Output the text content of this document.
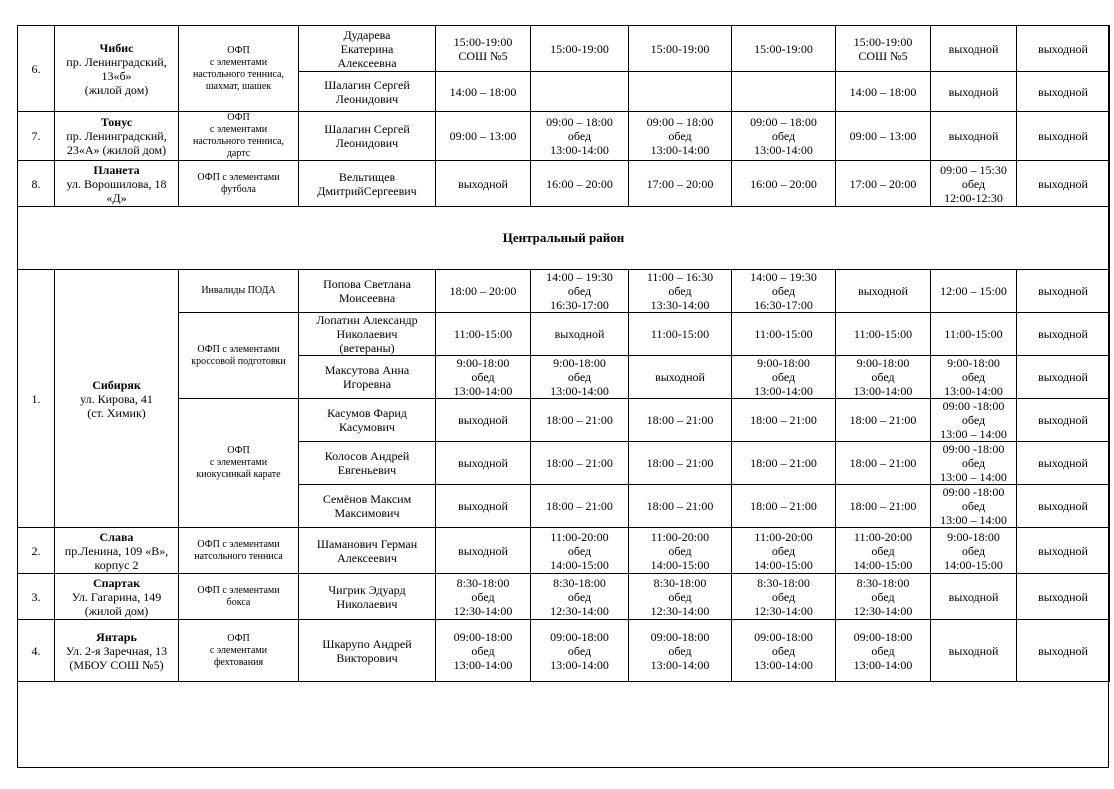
6.	Чибис
пр. Ленинградский,
13«б»
(жилой дом)	ОФП
с элементами
настольного тенниса,
шахмат, шашек	Дударева
Екатерина
Алексеевна	15:00-19:00
СОШ №5	15:00-19:00	15:00-19:00	15:00-19:00	15:00-19:00
СОШ №5	выходной	выходной

			Шалагин Сергей
Леонидович	14:00 – 18:00				14:00 – 18:00	выходной	выходной
7.	Тонус
пр. Ленинградский,
23«А» (жилой дом)	ОФП
с элементами
настольного тенниса,
дартс	Шалагин Сергей
Леонидович	09:00 – 13:00	09:00 – 18:00
обед
13:00-14:00	09:00 – 18:00
обед
13:00-14:00	09:00 – 18:00
обед
13:00-14:00	09:00 – 13:00	выходной	выходной
8.	Планета
ул. Ворошилова, 18
«Д»	ОФП с элементами
футбола	Вельтищев
ДмитрийСергеевич	выходной	16:00 – 20:00	17:00 – 20:00	16:00 – 20:00	17:00 – 20:00	09:00 – 15:30
обед
12:00-12:30	выходной
Центральный район										
1.	Сибиряк
ул. Кирова, 41
(ст. Химик)	Инвалиды ПОДА	Попова Светлана
Моисеевна	18:00 – 20:00	14:00 – 19:30
обед
16:30-17:00	11:00 – 16:30
обед
13:30-14:00	14:00 – 19:30
обед
16:30-17:00	выходной	12:00 – 15:00	выходной

		ОФП с элементами
кроссовой подготовки	Лопатин Александр
Николаевич
(ветераны)	11:00-15:00	выходной	11:00-15:00	11:00-15:00	11:00-15:00	11:00-15:00	выходной

			Максутова Анна
Игоревна	9:00-18:00
обед
13:00-14:00	9:00-18:00
обед
13:00-14:00	выходной	9:00-18:00
обед
13:00-14:00	9:00-18:00
обед
13:00-14:00	9:00-18:00
обед
13:00-14:00	выходной

		ОФП
с элементами
киокусинкай карате	Касумов Фарид
Касумович	выходной	18:00 – 21:00	18:00 – 21:00	18:00 – 21:00	18:00 – 21:00	09:00 -18:00
обед
13:00 – 14:00	выходной

			Колосов Андрей
Евгеньевич	выходной	18:00 – 21:00	18:00 – 21:00	18:00 – 21:00	18:00 – 21:00	09:00 -18:00
обед
13:00 – 14:00	выходной

			Семёнов Максим
Максимович	выходной	18:00 – 21:00	18:00 – 21:00	18:00 – 21:00	18:00 – 21:00	09:00 -18:00
обед
13:00 – 14:00	выходной
2.	Слава
пр.Ленина, 109 «В»,
корпус 2	ОФП с элементами
натсольного тенниса	Шаманович Герман
Алексеевич	выходной	11:00-20:00
обед
14:00-15:00	11:00-20:00
обед
14:00-15:00	11:00-20:00
обед
14:00-15:00	11:00-20:00
обед
14:00-15:00	9:00-18:00
обед
14:00-15:00	выходной
3.	Спартак
Ул. Гагарина, 149
(жилой дом)	ОФП с элементами
бокса	Чигрик Эдуард
Николаевич	8:30-18:00
обед
12:30-14:00	8:30-18:00
обед
12:30-14:00	8:30-18:00
обед
12:30-14:00	8:30-18:00
обед
12:30-14:00	8:30-18:00
обед
12:30-14:00	выходной	выходной
4.	Янтарь
Ул. 2-я Заречная, 13
(МБОУ СОШ №5)	ОФП
с элементами
фехтования	Шкарупо Андрей
Викторович	09:00-18:00
обед
13:00-14:00	09:00-18:00
обед
13:00-14:00	09:00-18:00
обед
13:00-14:00	09:00-18:00
обед
13:00-14:00	09:00-18:00
обед
13:00-14:00	выходной	выходной
